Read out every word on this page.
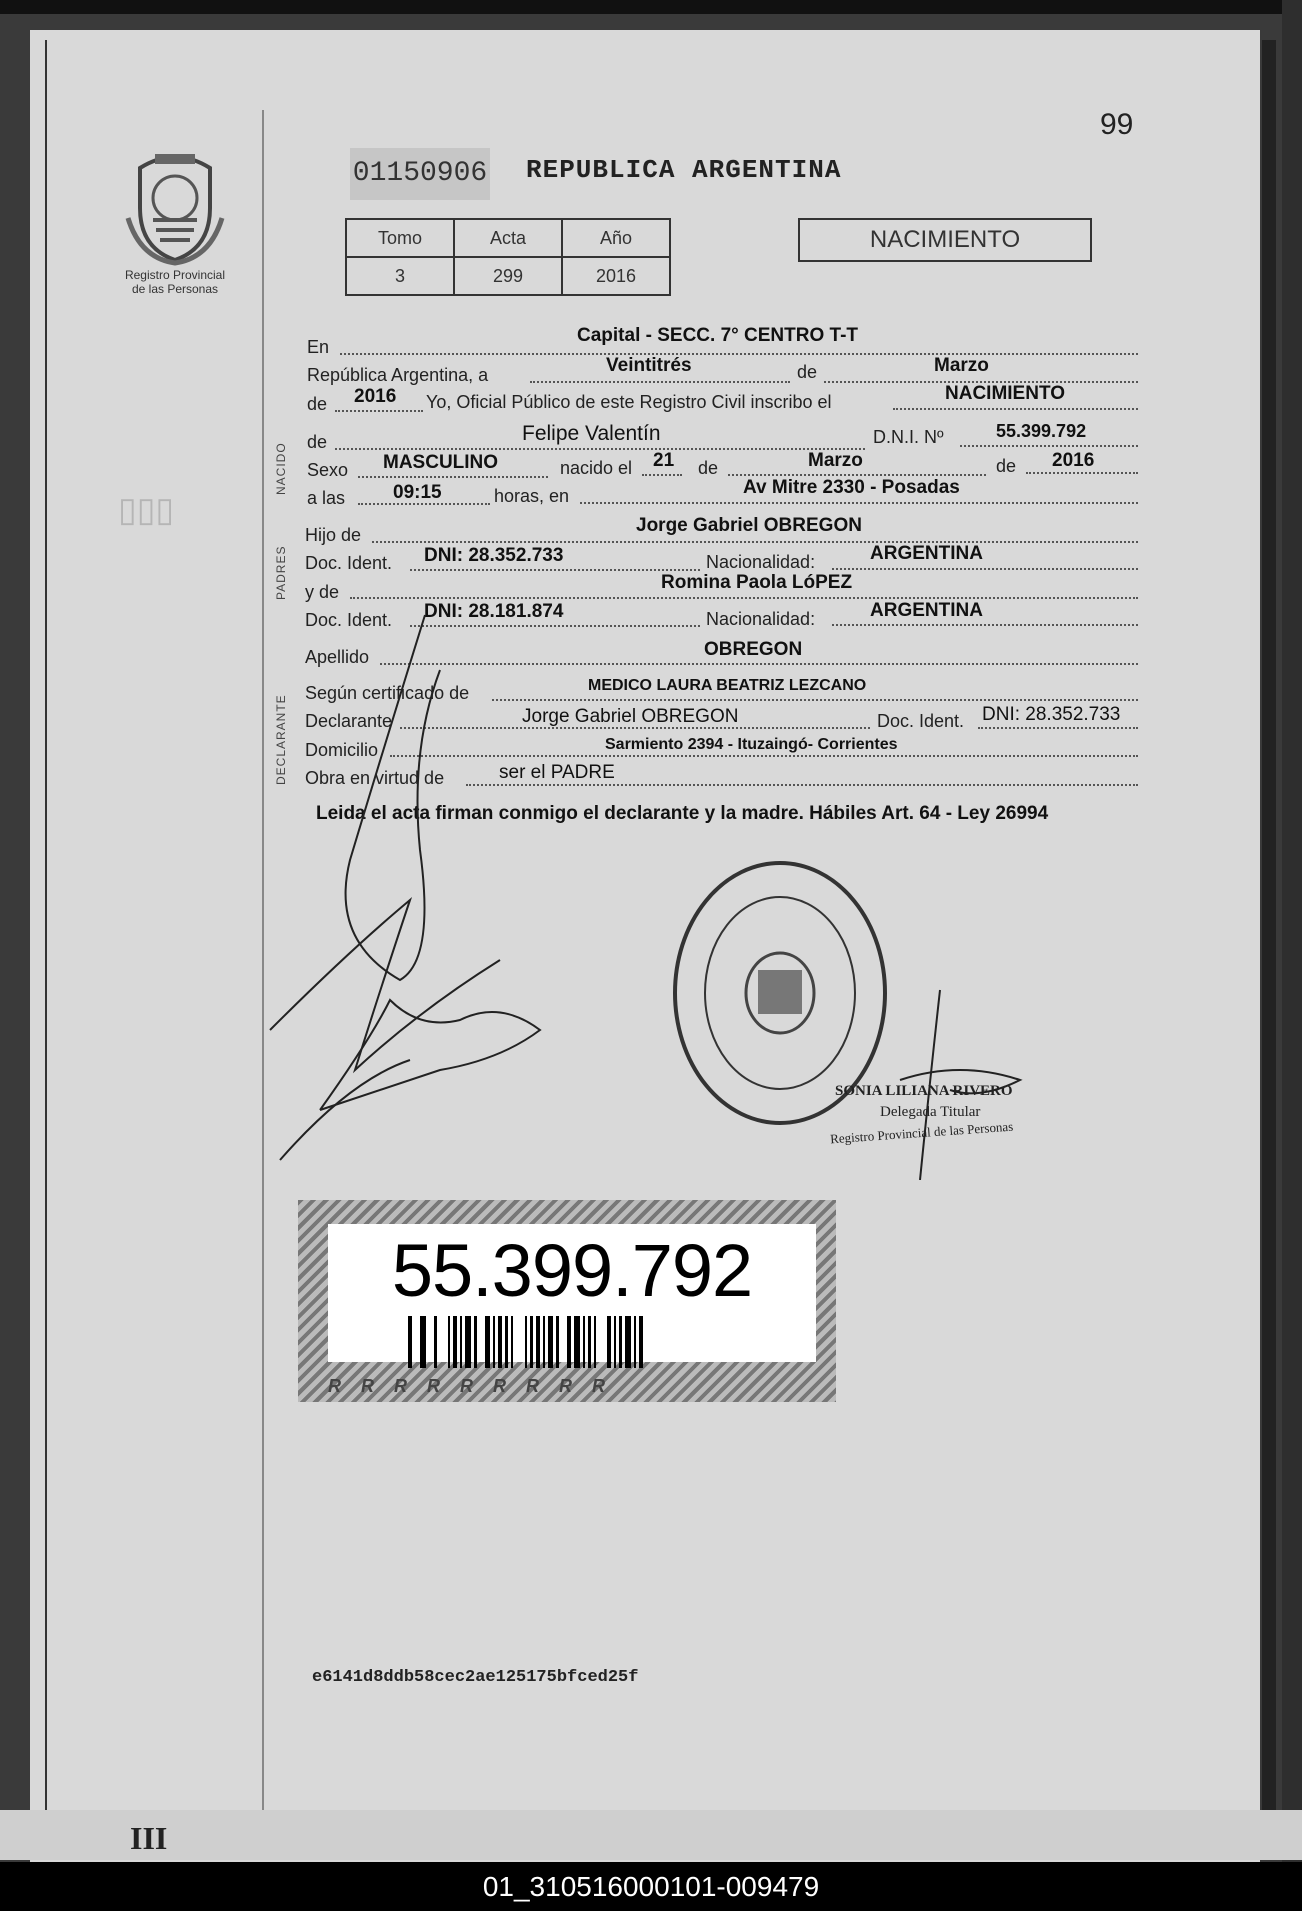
Registro Provincial
de las Personas
▯▯▯
99
01150906 REPUBLICA ARGENTINA
Tomo	Acta	Año
3	299	2016
NACIMIENTO
En
Capital - SECC. 7° CENTRO T-T
República Argentina, a	Veintitrés	de	Marzo
de 2016 Yo, Oficial Público de este Registro Civil inscribo el	NACIMIENTO
NACIDO
de	Felipe Valentín	D.N.I. Nº	55.399.792
Sexo MASCULINO	nacido el 21 de	Marzo	de 2016
a las	09:15	horas, en	Av Mitre 2330 - Posadas
PADRES
Hijo de	Jorge Gabriel OBREGON
Doc. Ident. DNI: 28.352.733	Nacionalidad:	ARGENTINA
y de	Romina Paola LóPEZ
Doc. Ident. DNI: 28.181.874	Nacionalidad:	ARGENTINA
Apellido	OBREGON
DECLARANTE
Según certificado de	MEDICO LAURA BEATRIZ LEZCANO
Declarante	Jorge Gabriel OBREGON	Doc. Ident. DNI: 28.352.733
Domicilio	Sarmiento 2394 - Ituzaingó- Corrientes
Obra en virtud de	ser el PADRE
Leida el acta firman conmigo el declarante y la madre. Hábiles Art. 64 - Ley 26994
SONIA LILIANA RIVERO
Delegada Titular
Registro Provincial de las Personas
55.399.792
RRRRRRRRR
e6141d8ddb58cec2ae125175bfced25f
III
01_310516000101-009479
